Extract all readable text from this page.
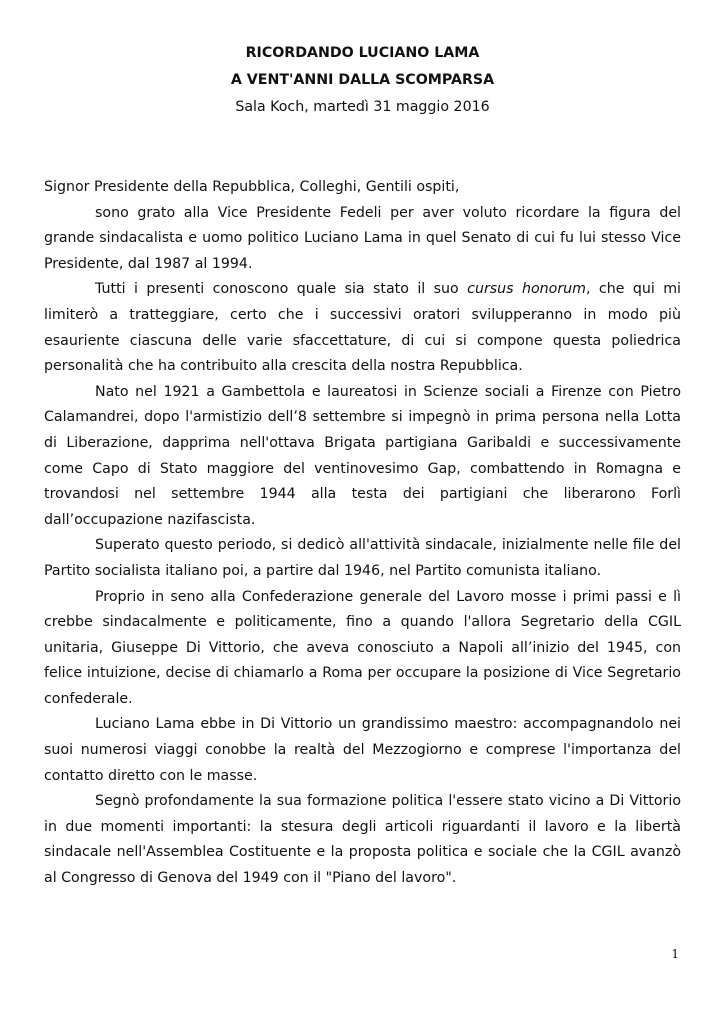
RICORDANDO LUCIANO LAMA
A VENT'ANNI DALLA SCOMPARSA
Sala Koch, martedì 31 maggio 2016

Signor Presidente della Repubblica, Colleghi, Gentili ospiti,

sono grato alla Vice Presidente Fedeli per aver voluto ricordare la figura del grande sindacalista e uomo politico Luciano Lama in quel Senato di cui fu lui stesso Vice Presidente, dal 1987 al 1994.

Tutti i presenti conoscono quale sia stato il suo cursus honorum, che qui mi limiterò a tratteggiare, certo che i successivi oratori svilupperanno in modo più esauriente ciascuna delle varie sfaccettature, di cui si compone questa poliedrica personalità che ha contribuito alla crescita della nostra Repubblica.

Nato nel 1921 a Gambettola e laureatosi in Scienze sociali a Firenze con Pietro Calamandrei, dopo l'armistizio dell’8 settembre si impegnò in prima persona nella Lotta di Liberazione, dapprima nell'ottava Brigata partigiana Garibaldi e successivamente come Capo di Stato maggiore del ventinovesimo Gap, combattendo in Romagna e trovandosi nel settembre 1944 alla testa dei partigiani che liberarono Forlì dall’occupazione nazifascista.

Superato questo periodo, si dedicò all'attività sindacale, inizialmente nelle file del Partito socialista italiano poi, a partire dal 1946, nel Partito comunista italiano.

Proprio in seno alla Confederazione generale del Lavoro mosse i primi passi e lì crebbe sindacalmente e politicamente, fino a quando l'allora Segretario della CGIL unitaria, Giuseppe Di Vittorio, che aveva conosciuto a Napoli all’inizio del 1945, con felice intuizione, decise di chiamarlo a Roma per occupare la posizione di Vice Segretario confederale.

Luciano Lama ebbe in Di Vittorio un grandissimo maestro: accompagnandolo nei suoi numerosi viaggi conobbe la realtà del Mezzogiorno e comprese l'importanza del contatto diretto con le masse.

Segnò profondamente la sua formazione politica l'essere stato vicino a Di Vittorio in due momenti importanti: la stesura degli articoli riguardanti il lavoro e la libertà sindacale nell'Assemblea Costituente e la proposta politica e sociale che la CGIL avanzò al Congresso di Genova del 1949 con il "Piano del lavoro".

1
